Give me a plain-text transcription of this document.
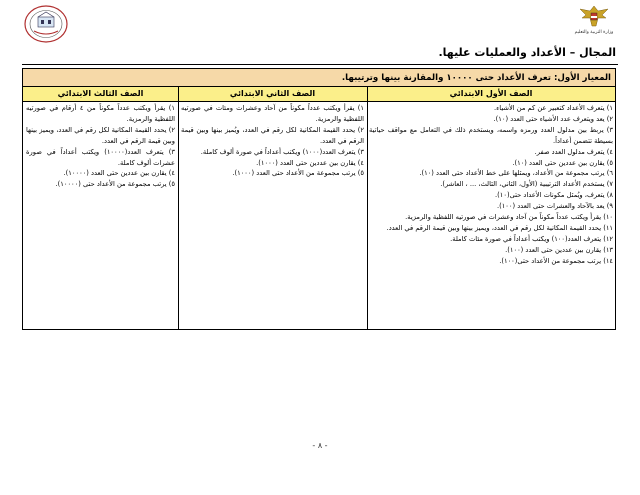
وزارة التربية والتعليم
المجال – الأعداد والعمليات عليها.
المعيار الأول: تعرف الأعداد حتى ١٠٠٠٠ والمقارنة بينها وترتيبها.
الصف الأول الابتدائي
الصف الثاني الابتدائي
الصف الثالث الابتدائي
١) يتعرف الأعداد كتعبير عن كم من الأشياء.
٢) يعد ويتعرف عدد الأشياء حتى العدد (١٠).
٣) يربط بين مدلول العدد ورمزه واسمه، ويستخدم ذلك في التعامل مع مواقف حياتية بسيطة تتضمن أعداداً.
٤) يتعرف مدلول العدد صفر.
٥) يقارن بين عددين حتى العدد (١٠).
٦) يرتب مجموعة من الأعداد، ويمثلها على خط الأعداد حتى العدد (١٠).
٧) يستخدم الأعداد الترتيبية (الأول، الثاني، الثالث، ... ، العاشر).
٨) يتعرف، ويُمثل مكونات الأعداد حتى(١٠).
٩) يعد بالآحاد والعشرات حتى العدد (١٠٠).
١٠) يقرأ ويكتب عدداً مكوناً من آحاد وعشرات في صورتيه اللفظية والرمزية.
١١) يحدد القيمة المكانية لكل رقم في العدد، ويميز بينها وبين قيمة الرقم في العدد.
١٢) يتعرف العدد(١٠٠) ويكتب أعداداً في صورة مئات كاملة.
١٣) يقارن بين عددين حتى العدد (١٠٠).
١٤) يرتب مجموعة من الأعداد حتى(١٠٠).
١) يقرأ ويكتب عدداً مكوناً من آحاد وعشرات ومئات في صورتيه اللفظية والرمزية.
٢) يحدد القيمة المكانية لكل رقم في العدد، ويُميز بينها وبين قيمة الرقم في العدد.
٣) يتعرف العدد(١٠٠٠) ويكتب أعداداً في صورة ألوف كاملة.
٤) يقارن بين عددين حتى العدد (١٠٠٠).
٥) يرتب مجموعة من الأعداد حتى العدد (١٠٠٠).
١) يقرأ ويكتب عدداً مكوناً من ٤ أرقام في صورتيه اللفظية والرمزية.
٢) يحدد القيمة المكانية لكل رقم في العدد، ويميز بينها وبين قيمة الرقم في العدد.
٣) يتعرف العدد(١٠٠٠٠) ويكتب أعداداً في صورة عشرات ألوف كاملة.
٤) يقارن بين عددين حتى العدد (١٠٠٠٠).
٥) يرتب مجموعة من الأعداد حتى (١٠٠٠٠).
- ٨ -
